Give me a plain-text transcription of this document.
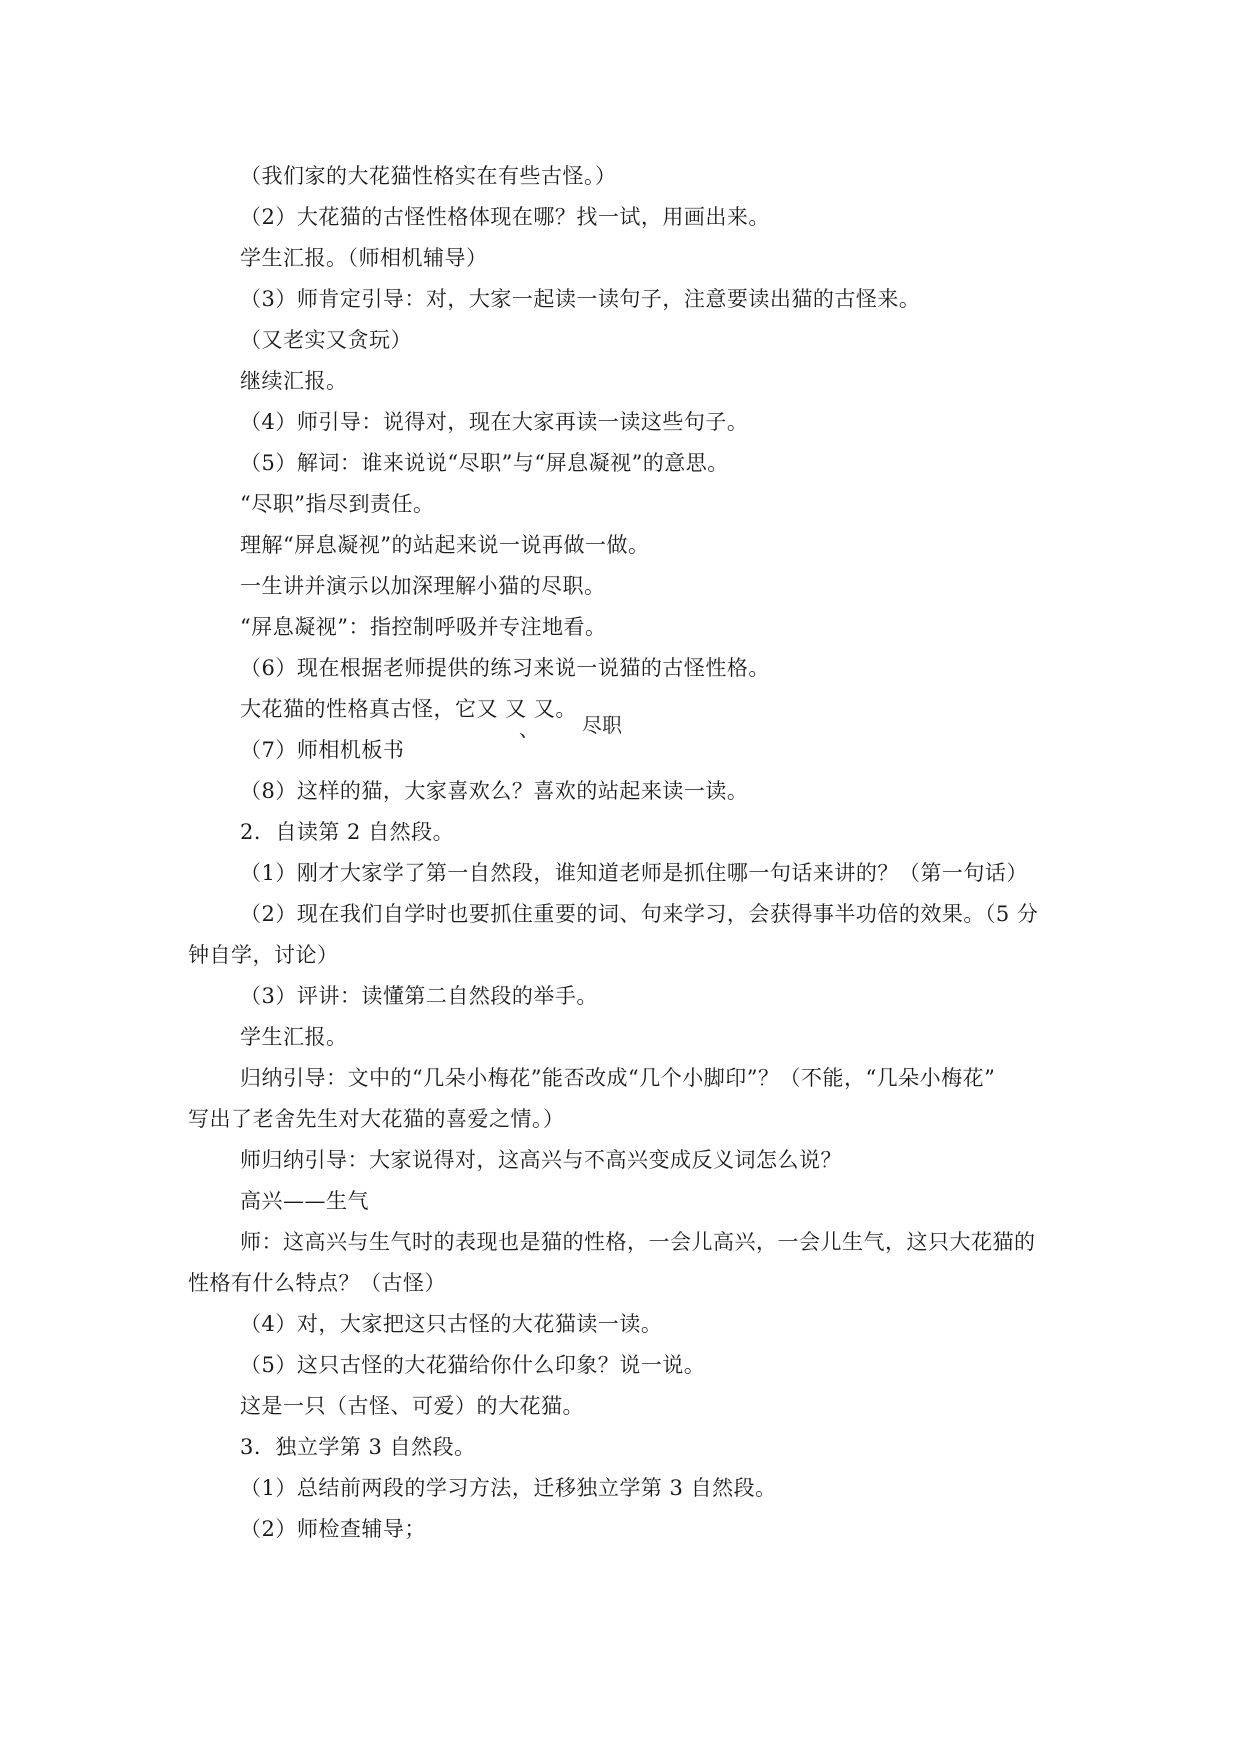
（我们家的大花猫性格实在有些古怪。）
（2）大花猫的古怪性格体现在哪？找一试，用画出来。
学生汇报。（师相机辅导）
（3）师肯定引导：对，大家一起读一读句子，注意要读出猫的古怪来。
（又老实又贪玩）
继续汇报。
（4）师引导：说得对，现在大家再读一读这些句子。
（5）解词：谁来说说“尽职”与“屏息凝视”的意思。
“尽职”指尽到责任。
理解“屏息凝视”的站起来说一说再做一做。
一生讲并演示以加深理解小猫的尽职。
“屏息凝视”：指控制呼吸并专注地看。
（6）现在根据老师提供的练习来说一说猫的古怪性格。
大花猫的性格真古怪，它又 又 又。
、 尽职
（7）师相机板书
（8）这样的猫，大家喜欢么？喜欢的站起来读一读。
2．自读第 2 自然段。
（1）刚才大家学了第一自然段，谁知道老师是抓住哪一句话来讲的？（第一句话）
（2）现在我们自学时也要抓住重要的词、句来学习，会获得事半功倍的效果。（5 分
钟自学，讨论）
（3）评讲：读懂第二自然段的举手。
学生汇报。
归纳引导：文中的“几朵小梅花”能否改成“几个小脚印”？（不能，“几朵小梅花”
写出了老舍先生对大花猫的喜爱之情。）
师归纳引导：大家说得对，这高兴与不高兴变成反义词怎么说？
高兴——生气
师：这高兴与生气时的表现也是猫的性格，一会儿高兴，一会儿生气，这只大花猫的
性格有什么特点？（古怪）
（4）对，大家把这只古怪的大花猫读一读。
（5）这只古怪的大花猫给你什么印象？说一说。
这是一只（古怪、可爱）的大花猫。
3．独立学第 3 自然段。
（1）总结前两段的学习方法，迁移独立学第 3 自然段。
（2）师检查辅导；
